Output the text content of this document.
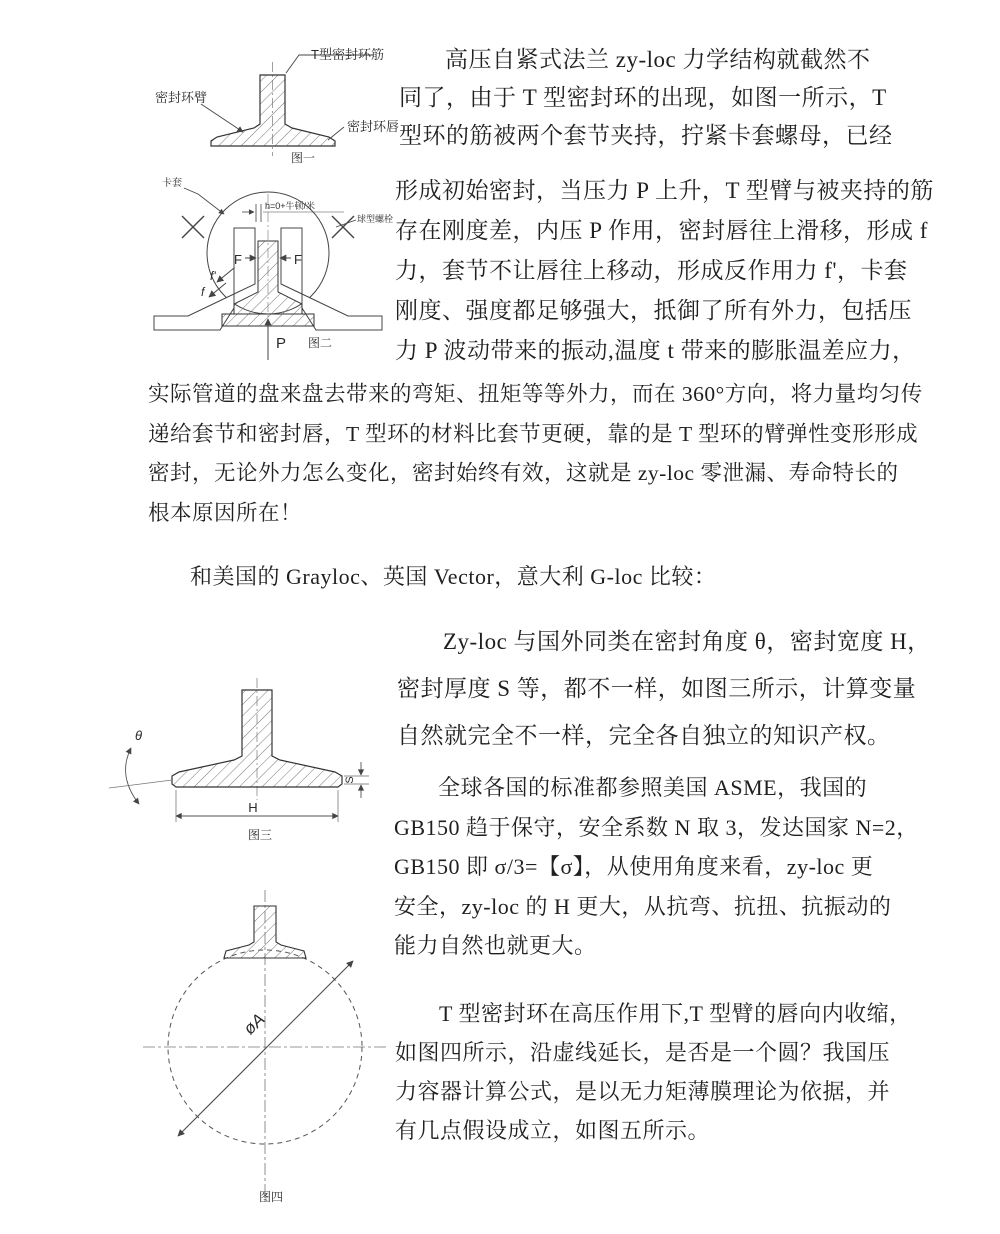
T型密封环筋
密封环臂
密封环唇
图一
h=0+牛顿/米
卡套
球型螺栓
F	F
f'
f
P 图二
θ
H
S
图三
øA
图四
高压自紧式法兰 zy-loc 力学结构就截然不
同了，由于 T 型密封环的出现，如图一所示，T
型环的筋被两个套节夹持，拧紧卡套螺母，已经
形成初始密封，当压力 P 上升，T 型臂与被夹持的筋
存在刚度差，内压 P 作用，密封唇往上滑移，形成 f
力，套节不让唇往上移动，形成反作用力 f'，卡套
刚度、强度都足够强大，抵御了所有外力，包括压
力 P 波动带来的振动,温度 t 带来的膨胀温差应力，
实际管道的盘来盘去带来的弯矩、扭矩等等外力，而在 360°方向，将力量均匀传
递给套节和密封唇，T 型环的材料比套节更硬，靠的是 T 型环的臂弹性变形形成
密封，无论外力怎么变化，密封始终有效，这就是 zy-loc 零泄漏、寿命特长的
根本原因所在！
和美国的 Grayloc、英国 Vector，意大利 G-loc 比较：
Zy-loc 与国外同类在密封角度 θ，密封宽度 H，
密封厚度 S 等，都不一样，如图三所示，计算变量
自然就完全不一样，完全各自独立的知识产权。
全球各国的标准都参照美国 ASME，我国的
GB150 趋于保守，安全系数 N 取 3，发达国家 N=2，
GB150 即 σ/3=【σ】，从使用角度来看，zy-loc 更
安全，zy-loc 的 H 更大，从抗弯、抗扭、抗振动的
能力自然也就更大。
T 型密封环在高压作用下,T 型臂的唇向内收缩，
如图四所示，沿虚线延长，是否是一个圆？我国压
力容器计算公式，是以无力矩薄膜理论为依据，并
有几点假设成立，如图五所示。
